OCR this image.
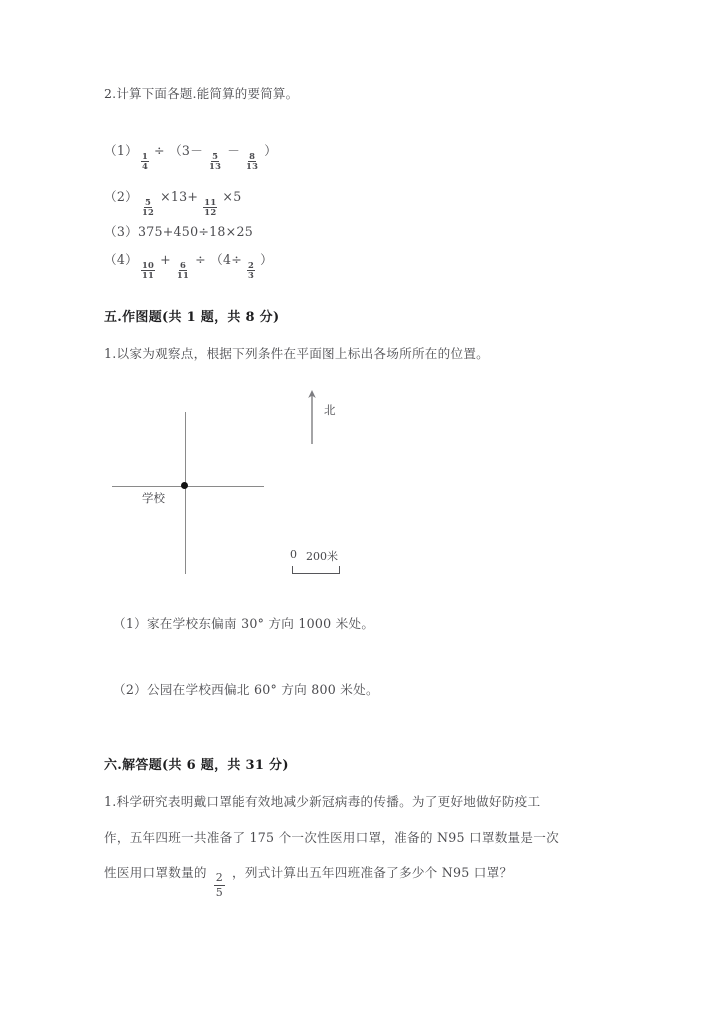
2.计算下面各题.能简算的要简算。
（1）
$\frac{1}{4}$
÷ （3－
$\frac{5}{13}$
－
$\frac{8}{13}$
）
（2）
$\frac{5}{12}$
×13+
$\frac{11}{12}$
×5
（3）375+450÷18×25
（4）
$\frac{10}{11}$
+
$\frac{6}{11}$
÷ （4÷
$\frac{2}{3}$
）
五.作图题(共 1 题，共 8 分)
1.以家为观察点，根据下列条件在平面图上标出各场所所在的位置。
学校
北
0 200米
（1）家在学校东偏南 30° 方向 1000 米处。
（2）公园在学校西偏北 60° 方向 800 米处。
六.解答题(共 6 题，共 31 分)
1.科学研究表明戴口罩能有效地减少新冠病毒的传播。为了更好地做好防疫工
作，五年四班一共准备了 175 个一次性医用口罩，准备的 N95 口罩数量是一次
性医用口罩数量的 $\frac{2}{5}$ ，列式计算出五年四班准备了多少个 N95 口罩？
